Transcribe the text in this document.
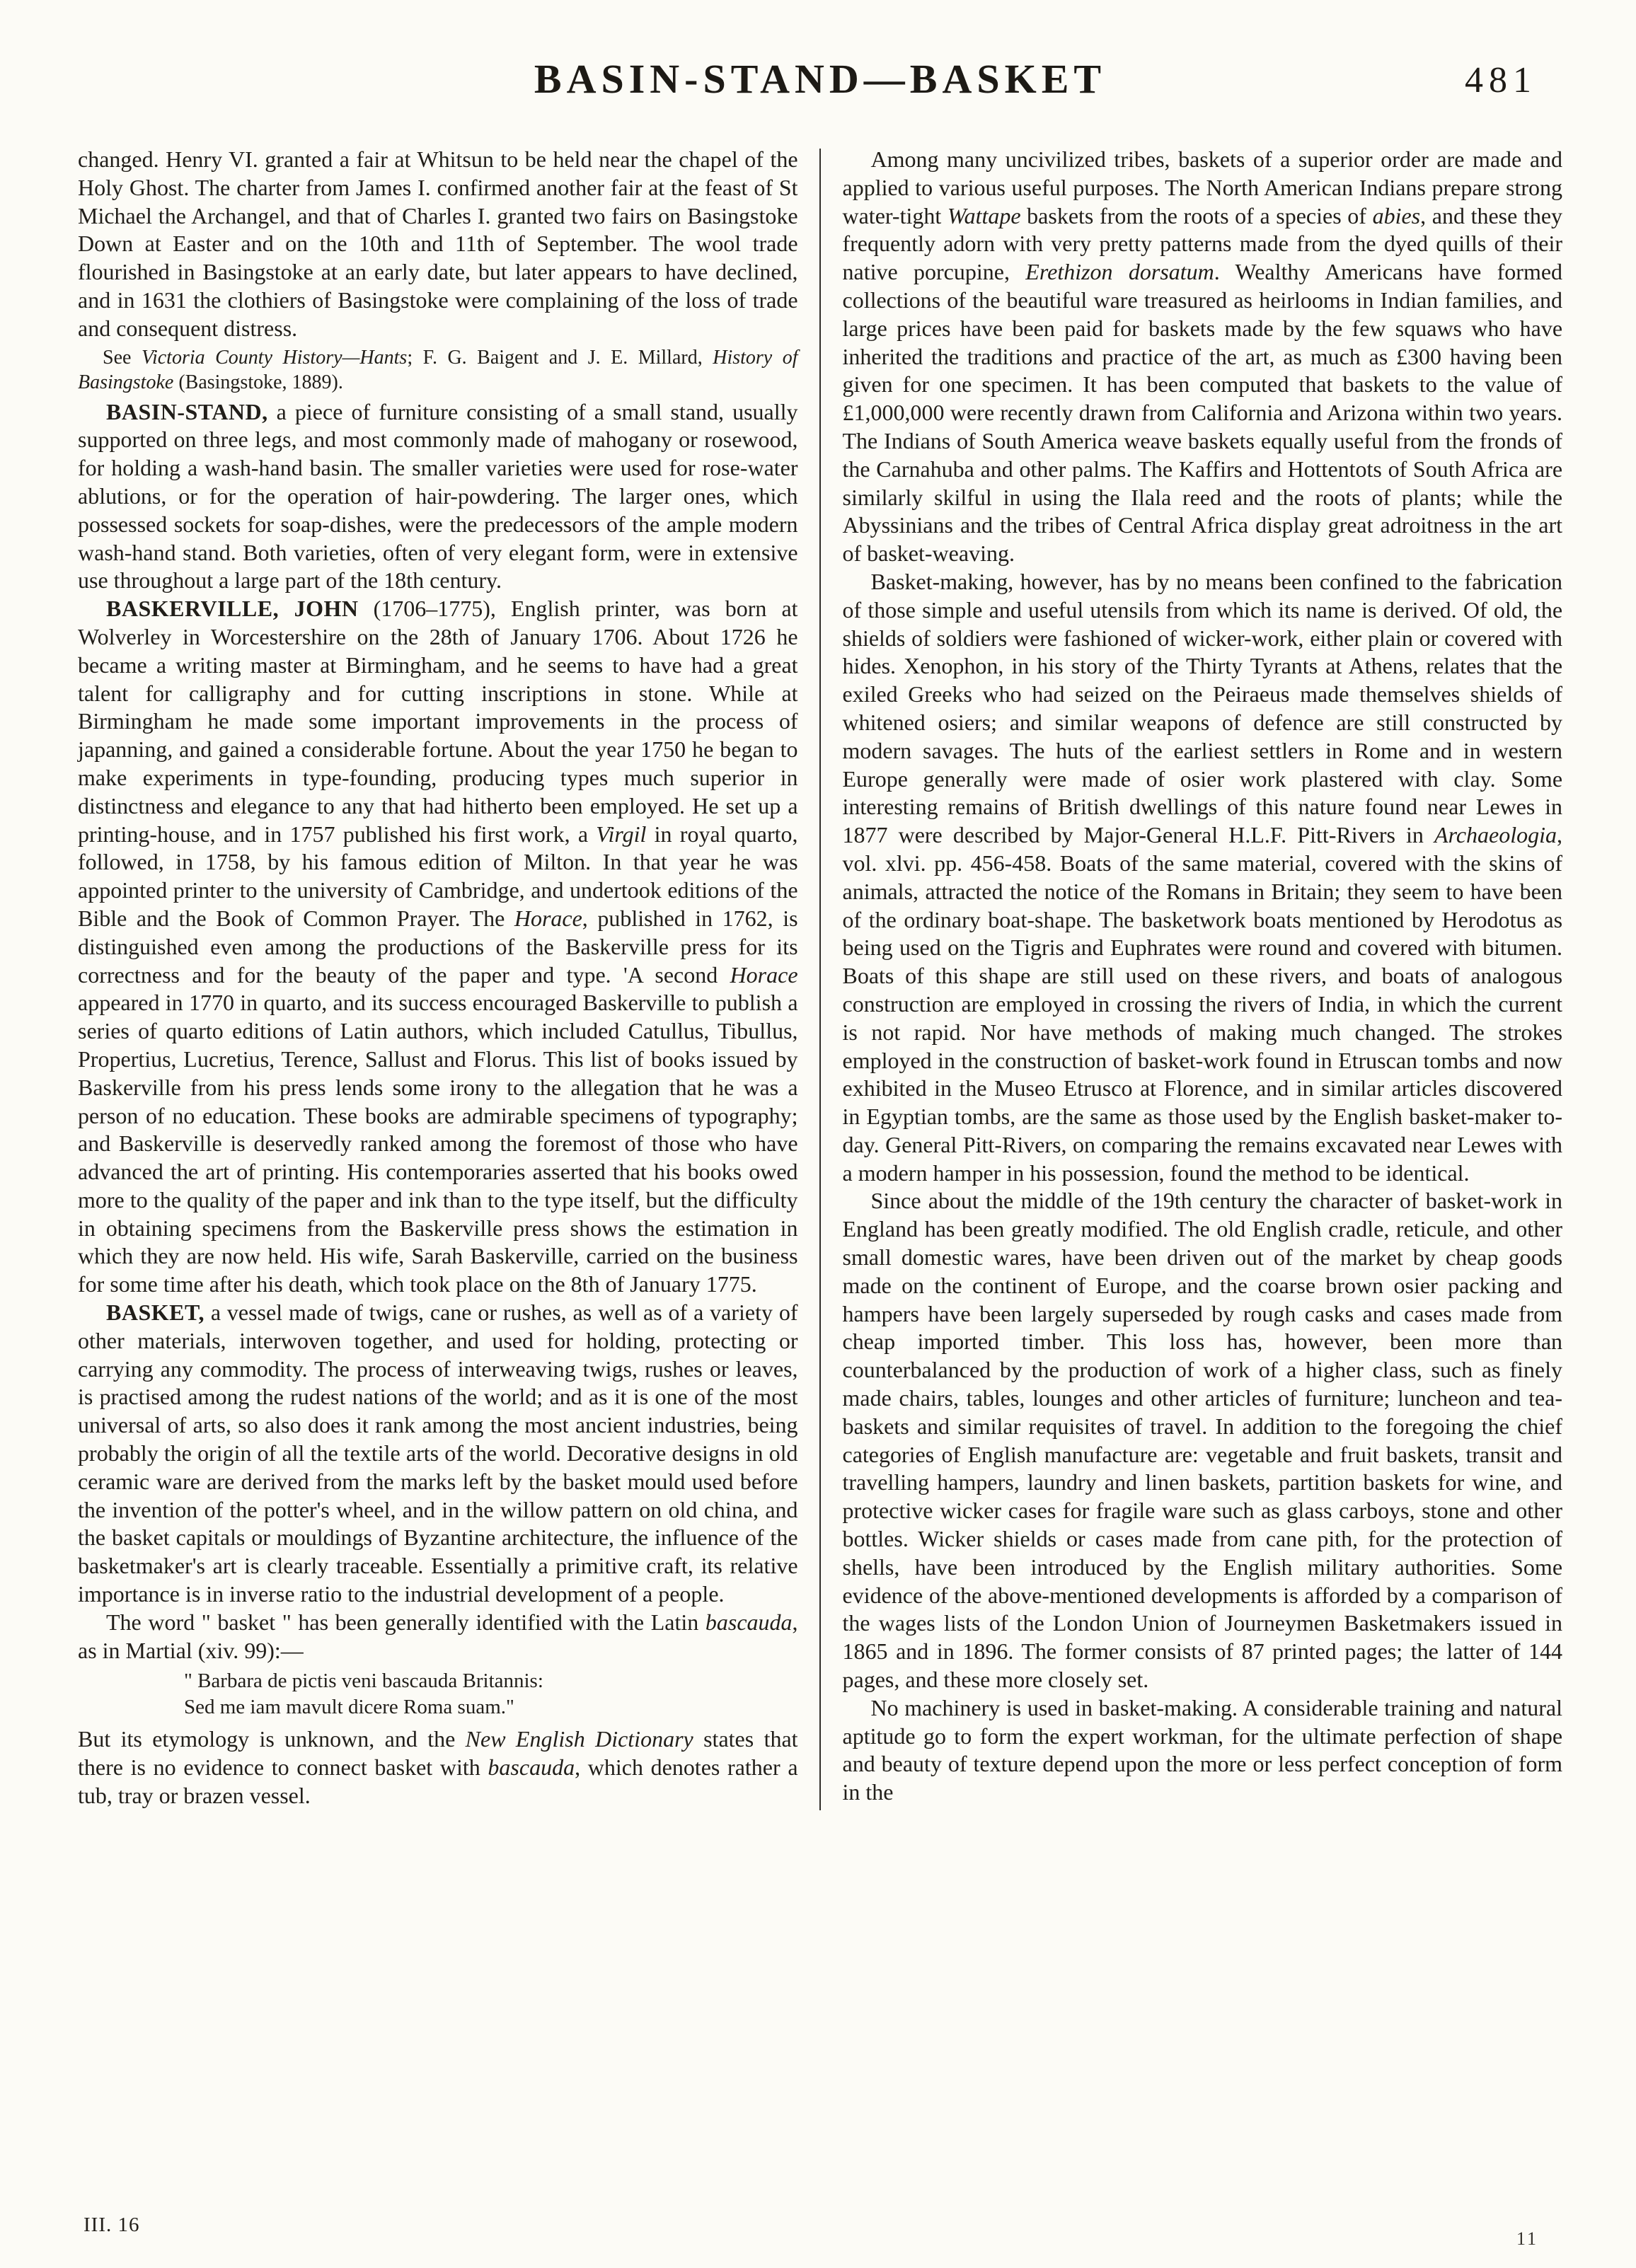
BASIN-STAND—BASKET	481

changed. Henry VI. granted a fair at Whitsun to be held near the chapel of the Holy Ghost. The charter from James I. confirmed another fair at the feast of St Michael the Archangel, and that of Charles I. granted two fairs on Basingstoke Down at Easter and on the 10th and 11th of September. The wool trade flourished in Basingstoke at an early date, but later appears to have declined, and in 1631 the clothiers of Basingstoke were complaining of the loss of trade and consequent distress.

See Victoria County History—Hants; F. G. Baigent and J. E. Millard, History of Basingstoke (Basingstoke, 1889).

BASIN-STAND, a piece of furniture consisting of a small stand, usually supported on three legs, and most commonly made of mahogany or rosewood, for holding a wash-hand basin. The smaller varieties were used for rose-water ablutions, or for the operation of hair-powdering. The larger ones, which possessed sockets for soap-dishes, were the predecessors of the ample modern wash-hand stand. Both varieties, often of very elegant form, were in extensive use throughout a large part of the 18th century.

BASKERVILLE, JOHN (1706–1775), English printer, was born at Wolverley in Worcestershire on the 28th of January 1706. About 1726 he became a writing master at Birmingham, and he seems to have had a great talent for calligraphy and for cutting inscriptions in stone. While at Birmingham he made some important improvements in the process of japanning, and gained a considerable fortune. About the year 1750 he began to make experiments in type-founding, producing types much superior in distinctness and elegance to any that had hitherto been employed. He set up a printing-house, and in 1757 published his first work, a Virgil in royal quarto, followed, in 1758, by his famous edition of Milton. In that year he was appointed printer to the university of Cambridge, and undertook editions of the Bible and the Book of Common Prayer. The Horace, published in 1762, is distinguished even among the productions of the Baskerville press for its correctness and for the beauty of the paper and type. 'A second Horace appeared in 1770 in quarto, and its success encouraged Baskerville to publish a series of quarto editions of Latin authors, which included Catullus, Tibullus, Propertius, Lucretius, Terence, Sallust and Florus. This list of books issued by Baskerville from his press lends some irony to the allegation that he was a person of no education. These books are admirable specimens of typography; and Baskerville is deservedly ranked among the foremost of those who have advanced the art of printing. His contemporaries asserted that his books owed more to the quality of the paper and ink than to the type itself, but the difficulty in obtaining specimens from the Baskerville press shows the estimation in which they are now held. His wife, Sarah Baskerville, carried on the business for some time after his death, which took place on the 8th of January 1775.

BASKET, a vessel made of twigs, cane or rushes, as well as of a variety of other materials, interwoven together, and used for holding, protecting or carrying any commodity. The process of interweaving twigs, rushes or leaves, is practised among the rudest nations of the world; and as it is one of the most universal of arts, so also does it rank among the most ancient industries, being probably the origin of all the textile arts of the world. Decorative designs in old ceramic ware are derived from the marks left by the basket mould used before the invention of the potter's wheel, and in the willow pattern on old china, and the basket capitals or mouldings of Byzantine architecture, the influence of the basketmaker's art is clearly traceable. Essentially a primitive craft, its relative importance is in inverse ratio to the industrial development of a people.

The word " basket " has been generally identified with the Latin bascauda, as in Martial (xiv. 99):—

" Barbara de pictis veni bascauda Britannis:
Sed me iam mavult dicere Roma suam."

But its etymology is unknown, and the New English Dictionary states that there is no evidence to connect basket with bascauda, which denotes rather a tub, tray or brazen vessel.

Among many uncivilized tribes, baskets of a superior order are made and applied to various useful purposes. The North American Indians prepare strong water-tight Wattape baskets from the roots of a species of abies, and these they frequently adorn with very pretty patterns made from the dyed quills of their native porcupine, Erethizon dorsatum. Wealthy Americans have formed collections of the beautiful ware treasured as heirlooms in Indian families, and large prices have been paid for baskets made by the few squaws who have inherited the traditions and practice of the art, as much as £300 having been given for one specimen. It has been computed that baskets to the value of £1,000,000 were recently drawn from California and Arizona within two years. The Indians of South America weave baskets equally useful from the fronds of the Carnahuba and other palms. The Kaffirs and Hottentots of South Africa are similarly skilful in using the Ilala reed and the roots of plants; while the Abyssinians and the tribes of Central Africa display great adroitness in the art of basket-weaving.

Basket-making, however, has by no means been confined to the fabrication of those simple and useful utensils from which its name is derived. Of old, the shields of soldiers were fashioned of wicker-work, either plain or covered with hides. Xenophon, in his story of the Thirty Tyrants at Athens, relates that the exiled Greeks who had seized on the Peiraeus made themselves shields of whitened osiers; and similar weapons of defence are still constructed by modern savages. The huts of the earliest settlers in Rome and in western Europe generally were made of osier work plastered with clay. Some interesting remains of British dwellings of this nature found near Lewes in 1877 were described by Major-General H.L.F. Pitt-Rivers in Archaeologia, vol. xlvi. pp. 456-458. Boats of the same material, covered with the skins of animals, attracted the notice of the Romans in Britain; they seem to have been of the ordinary boat-shape. The basketwork boats mentioned by Herodotus as being used on the Tigris and Euphrates were round and covered with bitumen. Boats of this shape are still used on these rivers, and boats of analogous construction are employed in crossing the rivers of India, in which the current is not rapid. Nor have methods of making much changed. The strokes employed in the construction of basket-work found in Etruscan tombs and now exhibited in the Museo Etrusco at Florence, and in similar articles discovered in Egyptian tombs, are the same as those used by the English basket-maker to-day. General Pitt-Rivers, on comparing the remains excavated near Lewes with a modern hamper in his possession, found the method to be identical.

Since about the middle of the 19th century the character of basket-work in England has been greatly modified. The old English cradle, reticule, and other small domestic wares, have been driven out of the market by cheap goods made on the continent of Europe, and the coarse brown osier packing and hampers have been largely superseded by rough casks and cases made from cheap imported timber. This loss has, however, been more than counterbalanced by the production of work of a higher class, such as finely made chairs, tables, lounges and other articles of furniture; luncheon and tea-baskets and similar requisites of travel. In addition to the foregoing the chief categories of English manufacture are: vegetable and fruit baskets, transit and travelling hampers, laundry and linen baskets, partition baskets for wine, and protective wicker cases for fragile ware such as glass carboys, stone and other bottles. Wicker shields or cases made from cane pith, for the protection of shells, have been introduced by the English military authorities. Some evidence of the above-mentioned developments is afforded by a comparison of the wages lists of the London Union of Journeymen Basketmakers issued in 1865 and in 1896. The former consists of 87 printed pages; the latter of 144 pages, and these more closely set.

No machinery is used in basket-making. A considerable training and natural aptitude go to form the expert workman, for the ultimate perfection of shape and beauty of texture depend upon the more or less perfect conception of form in the

III. 16
11
